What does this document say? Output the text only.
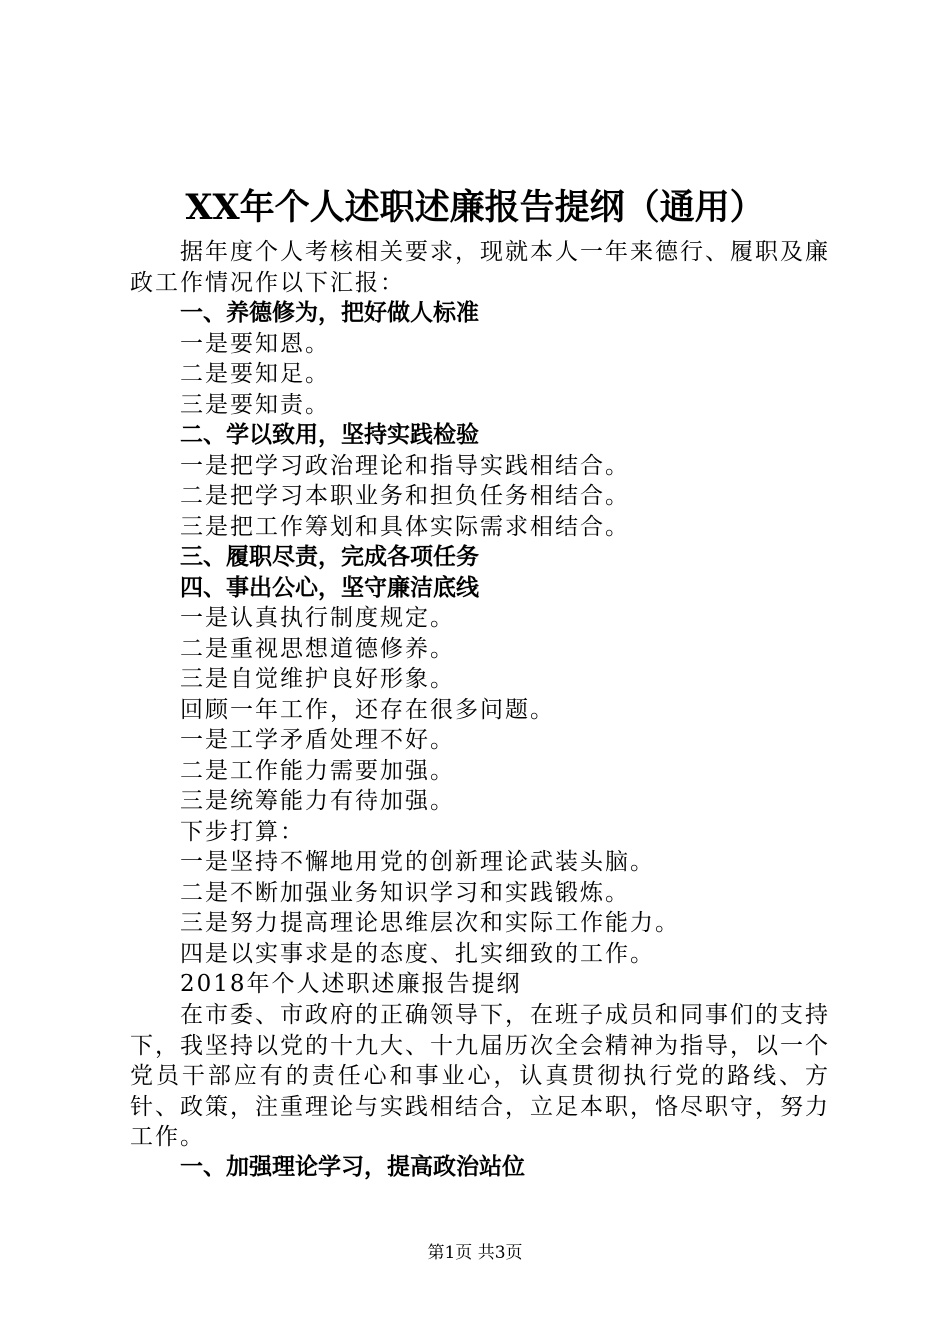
XX年个人述职述廉报告提纲（通用）
据年度个人考核相关要求，现就本人一年来德行、履职及廉政工作情况作以下汇报：
一、养德修为，把好做人标准
一是要知恩。
二是要知足。
三是要知责。
二、学以致用，坚持实践检验
一是把学习政治理论和指导实践相结合。
二是把学习本职业务和担负任务相结合。
三是把工作筹划和具体实际需求相结合。
三、履职尽责，完成各项任务
四、事出公心，坚守廉洁底线
一是认真执行制度规定。
二是重视思想道德修养。
三是自觉维护良好形象。
回顾一年工作，还存在很多问题。
一是工学矛盾处理不好。
二是工作能力需要加强。
三是统筹能力有待加强。
下步打算：
一是坚持不懈地用党的创新理论武装头脑。
二是不断加强业务知识学习和实践锻炼。
三是努力提高理论思维层次和实际工作能力。
四是以实事求是的态度、扎实细致的工作。
2018年个人述职述廉报告提纲
在市委、市政府的正确领导下，在班子成员和同事们的支持下，我坚持以党的十九大、十九届历次全会精神为指导，以一个党员干部应有的责任心和事业心，认真贯彻执行党的路线、方针、政策，注重理论与实践相结合，立足本职，恪尽职守，努力工作。
一、加强理论学习，提高政治站位
第1页 共3页
